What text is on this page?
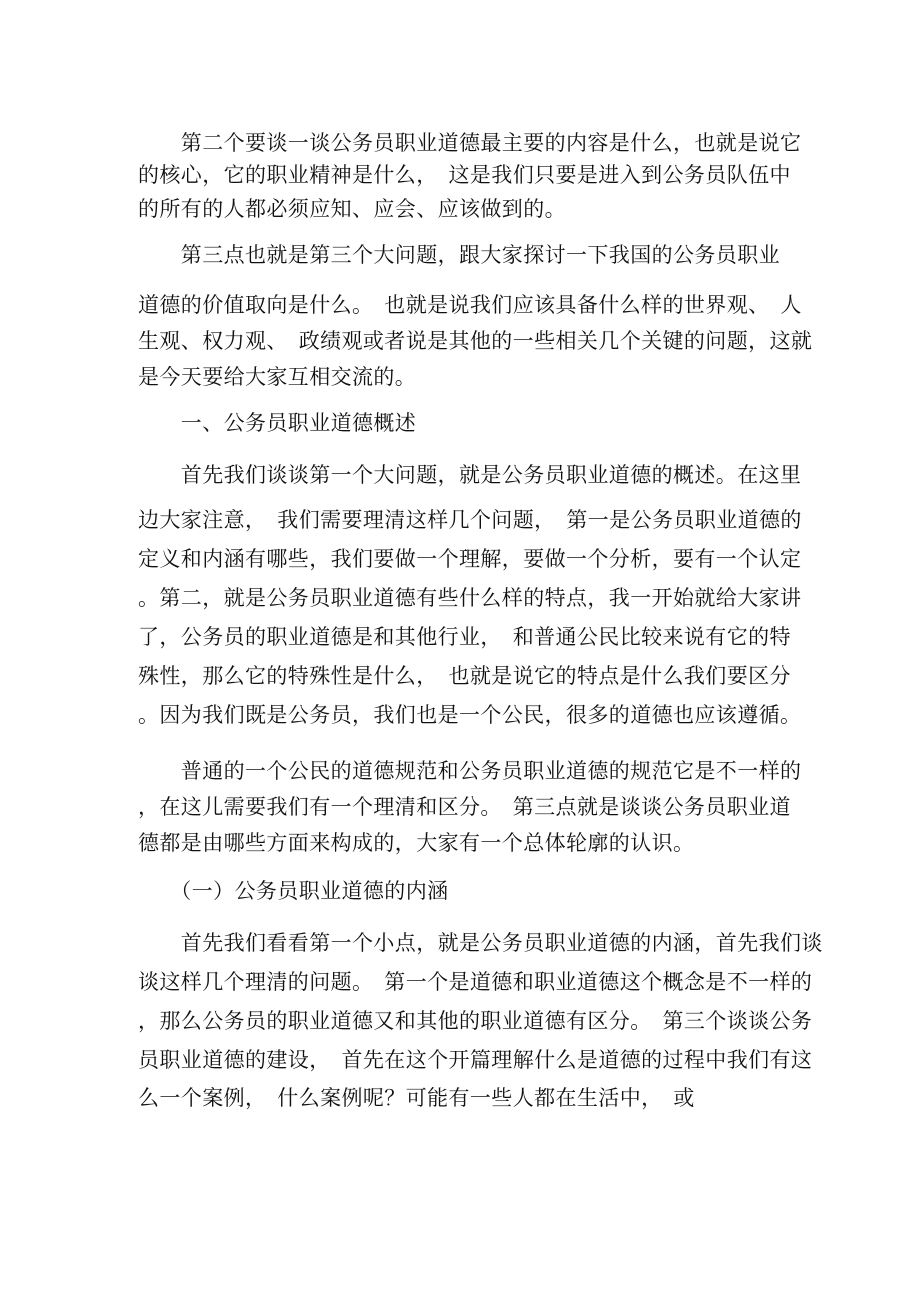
　　第二个要谈一谈公务员职业道德最主要的内容是什么，也就是说它
的核心，它的职业精神是什么，　这是我们只要是进入到公务员队伍中
的所有的人都必须应知、应会、应该做到的。
　　第三点也就是第三个大问题，跟大家探讨一下我国的公务员职业
道德的价值取向是什么。　也就是说我们应该具备什么样的世界观、　人
生观、权力观、　政绩观或者说是其他的一些相关几个关键的问题，这就
是今天要给大家互相交流的。
　　一、公务员职业道德概述
　　首先我们谈谈第一个大问题，就是公务员职业道德的概述。在这里
边大家注意，　我们需要理清这样几个问题，　第一是公务员职业道德的
定义和内涵有哪些，我们要做一个理解，要做一个分析，要有一个认定
。第二，就是公务员职业道德有些什么样的特点，我一开始就给大家讲
了，公务员的职业道德是和其他行业，　和普通公民比较来说有它的特
殊性，那么它的特殊性是什么，　也就是说它的特点是什么我们要区分
。因为我们既是公务员，我们也是一个公民，很多的道德也应该遵循。
　　普通的一个公民的道德规范和公务员职业道德的规范它是不一样的
，在这儿需要我们有一个理清和区分。　第三点就是谈谈公务员职业道
德都是由哪些方面来构成的，大家有一个总体轮廓的认识。
　　（一）公务员职业道德的内涵
　　首先我们看看第一个小点，就是公务员职业道德的内涵，首先我们谈
谈这样几个理清的问题。　第一个是道德和职业道德这个概念是不一样的
，那么公务员的职业道德又和其他的职业道德有区分。　第三个谈谈公务
员职业道德的建设，　首先在这个开篇理解什么是道德的过程中我们有这
么一个案例，　什么案例呢？可能有一些人都在生活中，　或
